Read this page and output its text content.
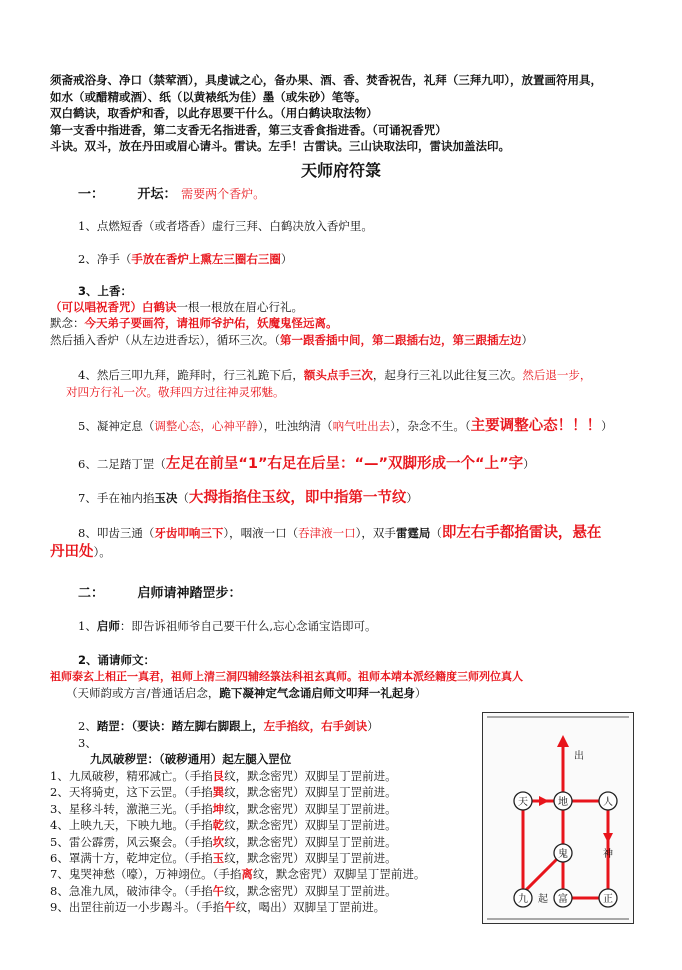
须斋戒浴身、净口（禁荤酒），具虔诚之心，备办果、酒、香、焚香祝告，礼拜（三拜九叩），放置画符用具，

如水（或醋精或酒）、纸（以黄裱纸为佳）墨（或朱砂）笔等。

双白鹤诀，取香炉和香，以此存思要干什么。（用白鹤诀取法物）

第一支香中指进香，第二支香无名指进香，第三支香食指进香。（可诵祝香咒）

斗诀。双斗，放在丹田或眉心请斗。雷诀。左手！古雷诀。三山诀取法印，雷诀加盖法印。

天师府符箓
一：	开坛： 需要两个香炉。
1、点燃短香（或者塔香）虚行三拜、白鹤决放入香炉里。
2、净手（手放在香炉上熏左三圈右三圈）
3、上香：
（可以唱祝香咒）白鹤诀一根一根放在眉心行礼。
默念：今天弟子要画符，请祖师爷护佑，妖魔鬼怪远离。
然后插入香炉（从左边进香坛），循环三次。（第一跟香插中间，第二跟插右边，第三跟插左边）
4、然后三叩九拜，跪拜时，行三礼跪下后，额头点手三次，起身行三礼以此往复三次。然后退一步，
对四方行礼一次。敬拜四方过往神灵邪魅。
5、凝神定息（调整心态，心神平静），吐浊纳清（吶气吐出去），杂念不生。（主要调整心态！！！）
6、二足踏丁罡（左足在前呈“1”右足在后呈：“—”双脚形成一个“上”字）
7、手在袖内掐玉决（大拇指掐住玉纹，即中指第一节纹）
8、叩齿三通（牙齿叩响三下），咽液一口（吞津液一口），双手雷霆局（即左右手都掐雷诀，悬在
丹田处）。
二：	启师请神踏罡步：
1、启师：即告诉祖师爷自己要干什么,忘心念诵宝诰即可。
2、诵请师文：
祖师泰玄上相正一真君，祖师上清三洞四辅经箓法科祖玄真师。祖师本靖本派经籍度三师列位真人
（天师韵或方言/普通话启念，跪下凝神定气念诵启师文叩拜一礼起身）
2、踏罡：（要诀：踏左脚右脚跟上，左手掐纹，右手剑诀）
3、
九凤破秽罡：（破秽通用）起左腿入罡位

1、九凤破秽，精邪减亡。（手掐艮纹，默念密咒）双脚呈丁罡前进。

2、天将骑吏，这下云罡。（手掐巽纹，默念密咒）双脚呈丁罡前进。

3、星移斗转，激滟三光。（手掐坤纹，默念密咒）双脚呈丁罡前进。

4、上映九天，下映九地。（手掐乾纹，默念密咒）双脚呈丁罡前进。

5、雷公霹雳，风云聚会。（手掐坎纹，默念密咒）双脚呈丁罡前进。

6、罩满十方，乾坤定位。（手掐玉纹，默念密咒）双脚呈丁罡前进。

7、鬼哭神愁（嚎），万神翊位。（手掐离纹，默念密咒）双脚呈丁罡前进。

8、急准九凤，破沛律令。（手掐午纹，默念密咒）双脚呈丁罡前进。

9、出罡往前迈一小步踢斗。（手掐午纹，喝出）双脚呈丁罡前进。

出
天	地	人
鬼	神
九 起 富	正
